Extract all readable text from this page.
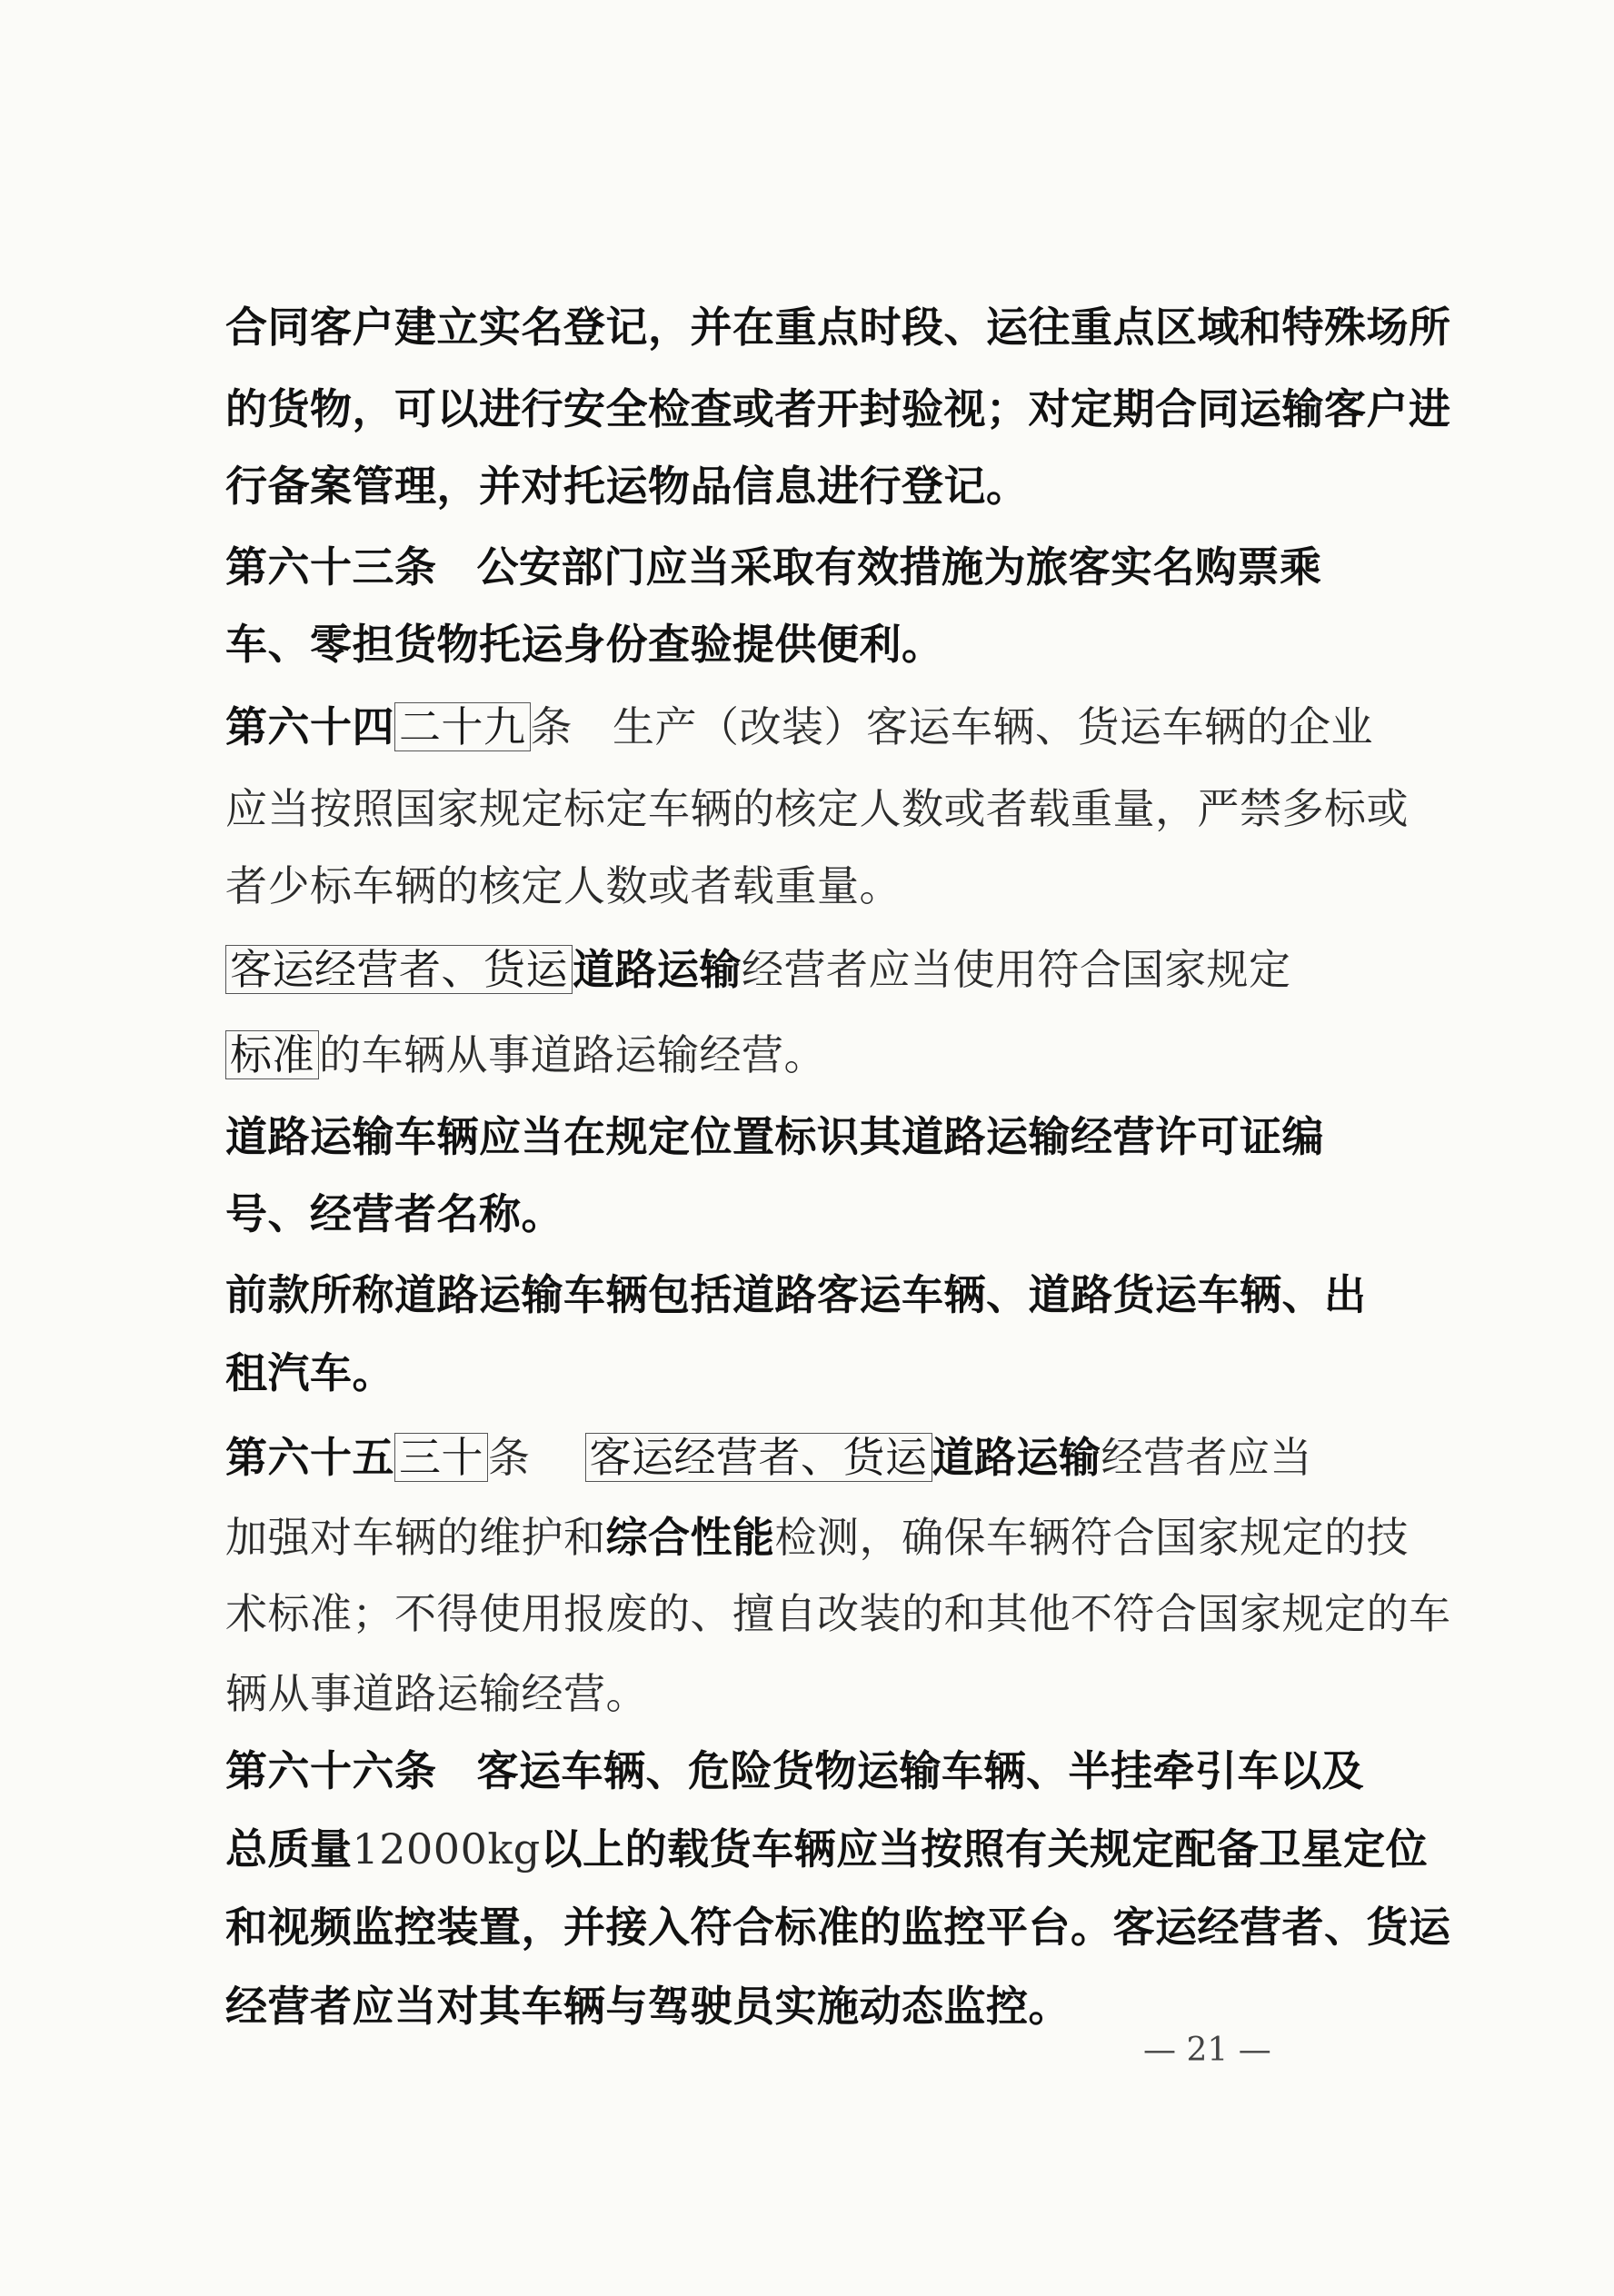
合同客户建立实名登记，并在重点时段、运往重点区域和特殊场所
的货物，可以进行安全检查或者开封验视；对定期合同运输客户进
行备案管理，并对托运物品信息进行登记。
第六十三条 公安部门应当采取有效措施为旅客实名购票乘
车、零担货物托运身份查验提供便利。
第六十四 二十九 条 生产（改装）客运车辆、货运车辆的企业
应当按照国家规定标定车辆的核定人数或者载重量，严禁多标或
者少标车辆的核定人数或者载重量。
客运经营者、货运 道路运输经营者应当使用符合国家规定
标准 的车辆从事道路运输经营。
道路运输车辆应当在规定位置标识其道路运输经营许可证编
号、经营者名称。
前款所称道路运输车辆包括道路客运车辆、道路货运车辆、出
租汽车。
第六十五 三十 条 客运经营者、货运 道路运输经营者应当
加强对车辆的维护和综合性能检测，确保车辆符合国家规定的技
术标准；不得使用报废的、擅自改装的和其他不符合国家规定的车
辆从事道路运输经营。
第六十六条 客运车辆、危险货物运输车辆、半挂牵引车以及
总质量12000kg以上的载货车辆应当按照有关规定配备卫星定位
和视频监控装置，并接入符合标准的监控平台。客运经营者、货运
经营者应当对其车辆与驾驶员实施动态监控。
— 21 —
